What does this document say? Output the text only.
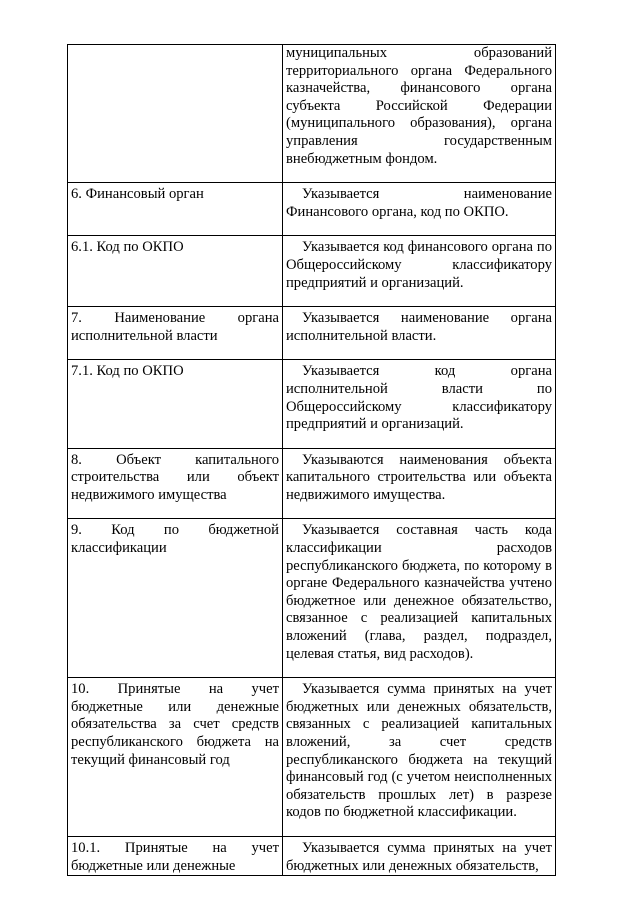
	муниципальных образований территориального органа Федерального казначейства, финансового органа субъекта Российской Федерации (муниципального образования), органа управления государственным внебюджетным фондом.
6. Финансовый орган	Указывается наименование Финансового органа, код по ОКПО.
6.1. Код по ОКПО	Указывается код финансового органа по Общероссийскому классификатору предприятий и организаций.
7. Наименование органа исполнительной власти	Указывается наименование органа исполнительной власти.
7.1. Код по ОКПО	Указывается код органа исполнительной власти по Общероссийскому классификатору предприятий и организаций.
8. Объект капитального строительства или объект недвижимого имущества	Указываются наименования объекта капитального строительства или объекта недвижимого имущества.
9. Код по бюджетной классификации	Указывается составная часть кода классификации расходов республиканского бюджета, по которому в органе Федерального казначейства учтено бюджетное или денежное обязательство, связанное с реализацией капитальных вложений (глава, раздел, подраздел, целевая статья, вид расходов).
10. Принятые на учет бюджетные или денежные обязательства за счет средств республиканского бюджета на текущий финансовый год	Указывается сумма принятых на учет бюджетных или денежных обязательств, связанных с реализацией капитальных вложений, за счет средств республиканского бюджета на текущий финансовый год (с учетом неисполненных обязательств прошлых лет) в разрезе кодов по бюджетной классификации.
10.1. Принятые на учет бюджетные или денежные	Указывается сумма принятых на учет бюджетных или денежных обязательств,
